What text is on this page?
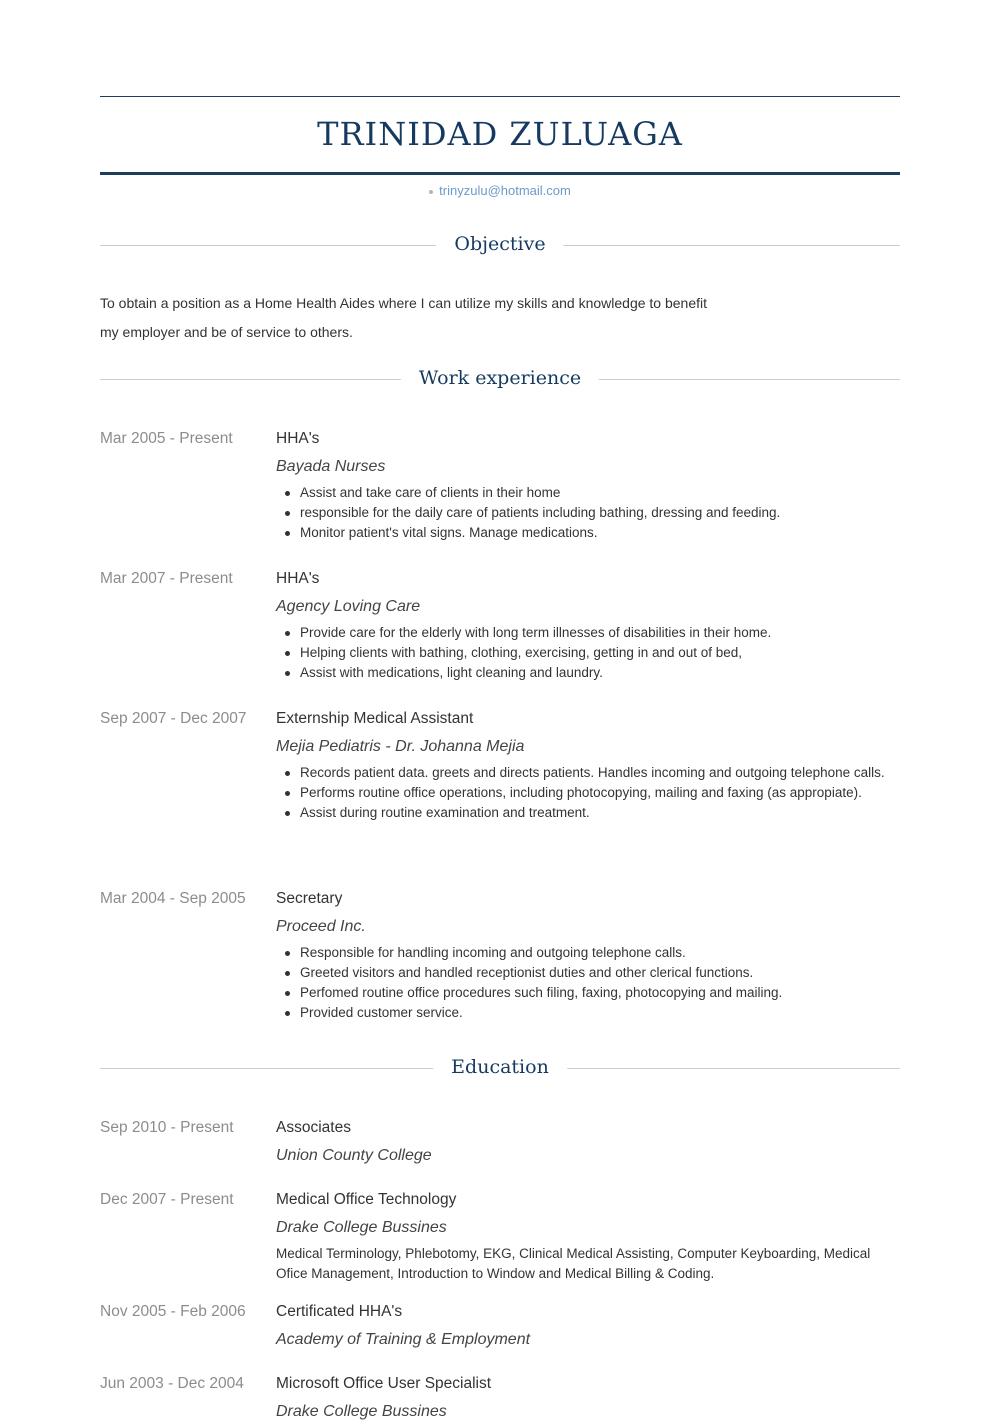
TRINIDAD ZULUAGA
trinyzulu@hotmail.com
Objective
To obtain a position as a Home Health Aides where I can utilize my skills and knowledge to benefit
my employer and be of service to others.
Work experience
Mar 2005 - Present	HHA's
Bayada Nurses
Assist and take care of clients in their home
responsible for the daily care of patients including bathing, dressing and feeding.
Monitor patient's vital signs. Manage medications.
Mar 2007 - Present	HHA's
Agency Loving Care
Provide care for the elderly with long term illnesses of disabilities in their home.
Helping clients with bathing, clothing, exercising, getting in and out of bed,
Assist with medications, light cleaning and laundry.
Sep 2007 - Dec 2007	Externship Medical Assistant
Mejia Pediatris - Dr. Johanna Mejia
Records patient data. greets and directs patients. Handles incoming and outgoing telephone calls.
Performs routine office operations, including photocopying, mailing and faxing (as appropiate).
Assist during routine examination and treatment.
Mar 2004 - Sep 2005	Secretary
Proceed Inc.
Responsible for handling incoming and outgoing telephone calls.
Greeted visitors and handled receptionist duties and other clerical functions.
Perfomed routine office procedures such filing, faxing, photocopying and mailing.
Provided customer service.
Education
Sep 2010 - Present	Associates
Union County College
Dec 2007 - Present	Medical Office Technology
Drake College Bussines
Medical Terminology, Phlebotomy, EKG, Clinical Medical Assisting, Computer Keyboarding, Medical Ofice Management, Introduction to Window and Medical Billing & Coding.
Nov 2005 - Feb 2006	Certificated HHA's
Academy of Training & Employment
Jun 2003 - Dec 2004	Microsoft Office User Specialist
Drake College Bussines
